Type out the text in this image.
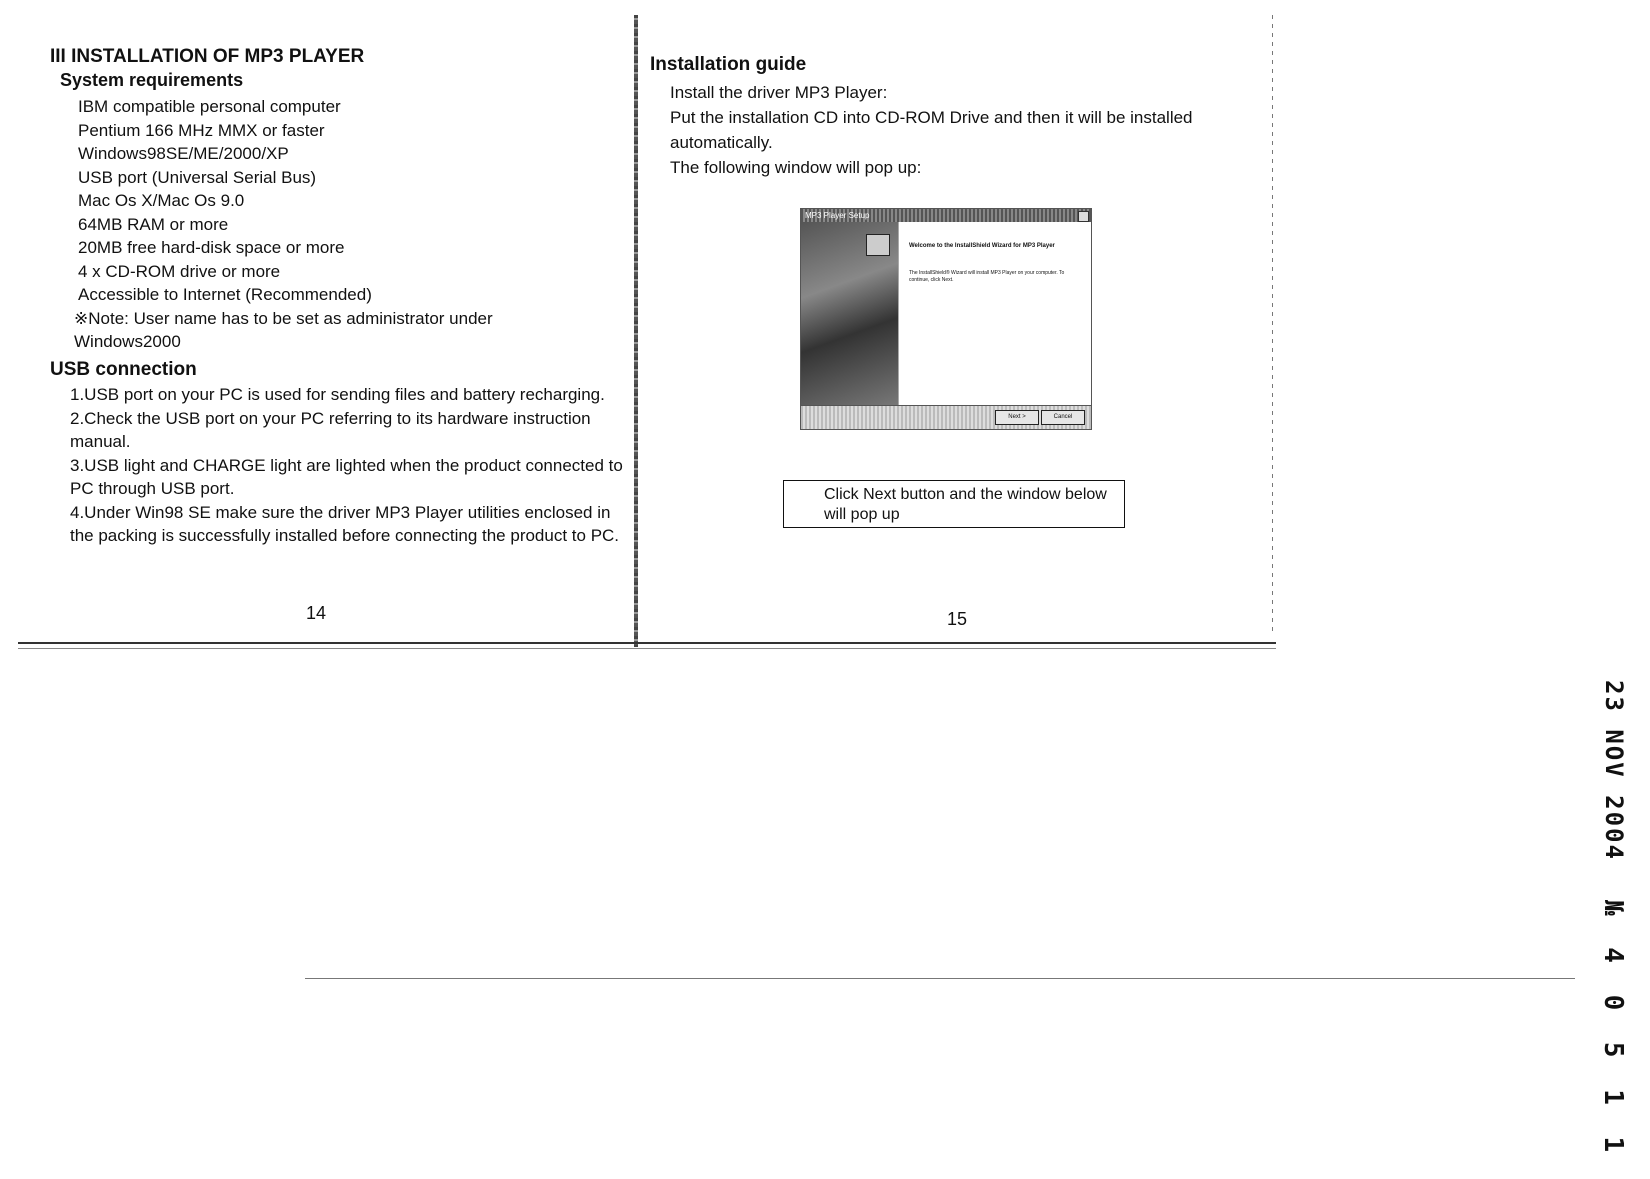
III INSTALLATION OF MP3 PLAYER
System requirements
IBM compatible personal computer
Pentium 166 MHz MMX or faster
Windows98SE/ME/2000/XP
USB port (Universal Serial Bus)
Mac Os X/Mac Os 9.0
64MB RAM or more
20MB free hard-disk space or more
4 x CD-ROM drive or more
Accessible to Internet (Recommended)
※Note: User name has to be set as administrator under Windows2000
USB connection
1.USB port on your PC is used for sending files and battery recharging.
2.Check the USB port on your PC referring to its hardware instruction manual.
3.USB light and CHARGE light are lighted when the product connected to PC through USB port.
4.Under Win98 SE make sure the driver MP3 Player utilities enclosed in the packing is successfully installed before connecting the product to PC.
14
Installation guide

Install the driver MP3 Player:

Put the installation CD into CD-ROM Drive and then it will be installed automatically.

The following window will pop up:

MP3 Player Setup
Welcome to the InstallShield Wizard for MP3 Player
The InstallShield® Wizard will install MP3 Player on your computer. To continue, click Next.
Next >	Cancel
Click Next button and the window below will pop up
15
23 NOV 2004
№ 4 0 5 1 1
